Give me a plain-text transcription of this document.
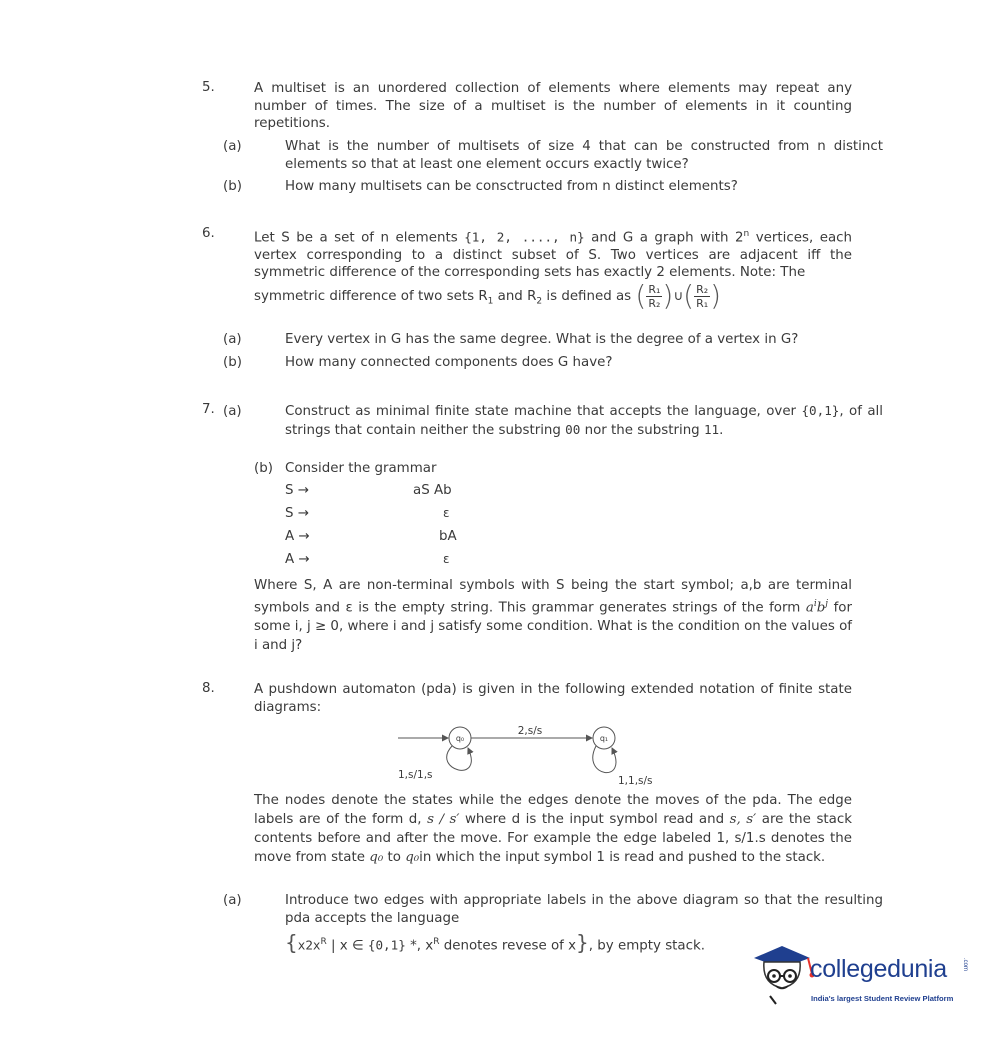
5.	A multiset is an unordered collection of elements where elements may repeat any number of times. The size of a multiset is the number of elements in it counting repetitions.
(a)	What is the number of multisets of size 4 that can be constructed from n distinct elements so that at least one element occurs exactly twice?
(b)	How many multisets can be consctructed from n distinct elements?
6.	Let S be a set of n elements {1, 2, ...., n} and G a graph with 2$^n$ vertices, each vertex corresponding to a distinct subset of S. Two vertices are adjacent iff the symmetric difference of the corresponding sets has exactly 2 elements. Note: The
symmetric difference of two sets $R_1$ and $R_2$ is defined as ( $\frac{\text{R₁}}{\text{R₂}}$ )∪( $\frac{\text{R₂}}{\text{R₁}}$ )
(a)	Every vertex in G has the same degree. What is the degree of a vertex in G?
(b)	How many connected components does G have?
7. (a)	Construct as minimal finite state machine that accepts the language, over {0,1}, of all strings that contain neither the substring 00 nor the substring 11.
(b) Consider the grammar
S →	aS Ab
S →	ε
A →	bA
A →	ε
Where S, A are non-terminal symbols with S being the start symbol; a,b are terminal symbols and ε is the empty string. This grammar generates strings of the form $a^ib^j$ for some i, j ≥ 0, where i and j satisfy some condition. What is the condition on the values of i and j?
8.	A pushdown automaton (pda) is given in the following extended notation of finite state diagrams:
q₀
2,s/s
q₁
1,s/1,s	1,1,s/s
The nodes denote the states while the edges denote the moves of the pda. The edge labels are of the form d, s / s′ where d is the input symbol read and s, s′ are the stack contents before and after the move. For example the edge labeled 1, s/1.s denotes the move from state q₀ to q₀in which the input symbol 1 is read and pushed to the stack.
(a)	Introduce two edges with appropriate labels in the above diagram so that the resulting pda accepts the language
{$x2x^R$ | x ∈ {0,1} *, $x^R$ denotes revese of x}, by empty stack.
collegedunia	.com
India's largest Student Review Platform
